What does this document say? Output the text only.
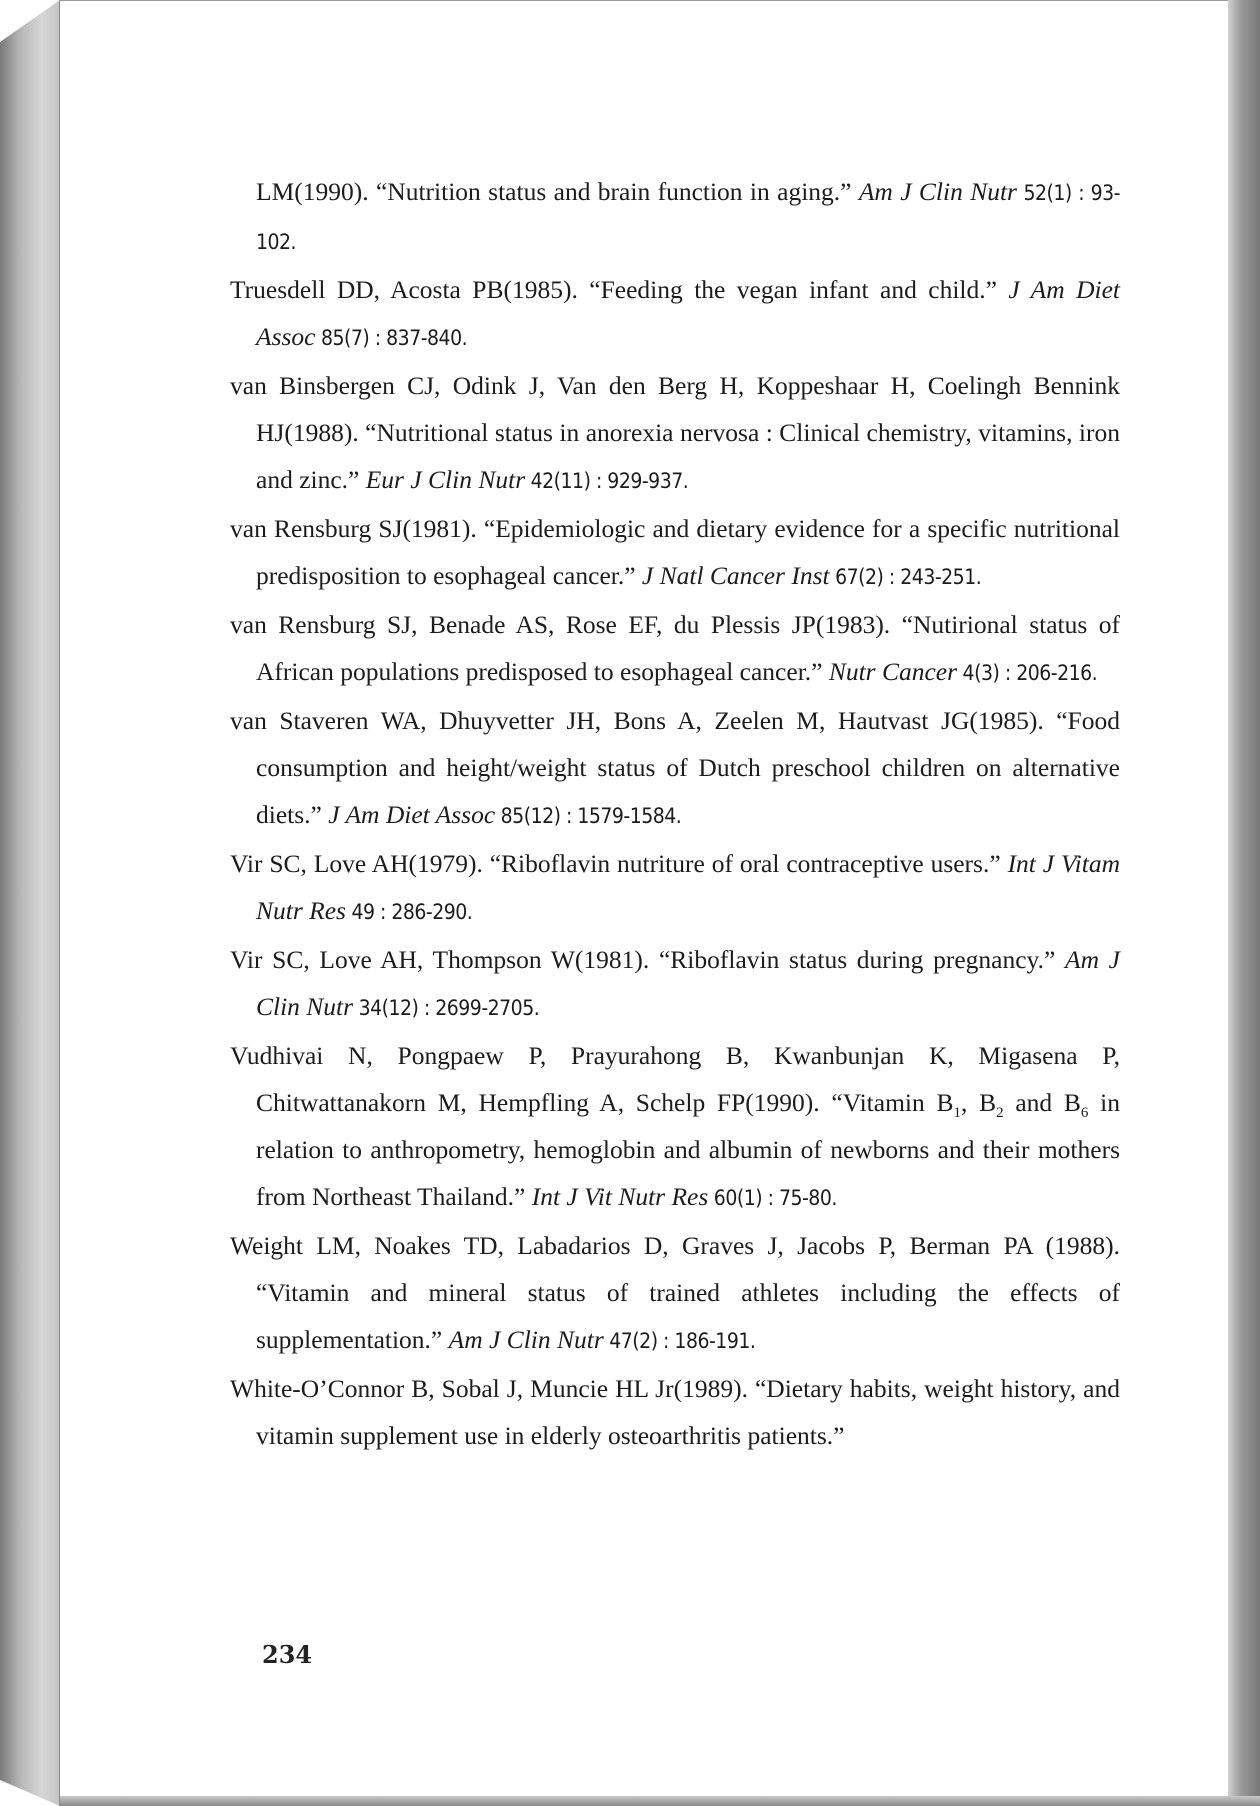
LM(1990). “Nutrition status and brain function in aging.” Am J Clin Nutr 52(1) : 93-102.

Truesdell DD, Acosta PB(1985). “Feeding the vegan infant and child.” J Am Diet Assoc 85(7) : 837-840.

van Binsbergen CJ, Odink J, Van den Berg H, Koppeshaar H, Coelingh Bennink HJ(1988). “Nutritional status in anorexia nervosa : Clinical chemistry, vitamins, iron and zinc.” Eur J Clin Nutr 42(11) : 929-937.

van Rensburg SJ(1981). “Epidemiologic and dietary evidence for a specific nutritional predisposition to esophageal cancer.” J Natl Cancer Inst 67(2) : 243-251.

van Rensburg SJ, Benade AS, Rose EF, du Plessis JP(1983). “Nutirional status of African populations predisposed to esophageal cancer.” Nutr Cancer 4(3) : 206-216.

van Staveren WA, Dhuyvetter JH, Bons A, Zeelen M, Hautvast JG(1985). “Food consumption and height/weight status of Dutch preschool children on alternative diets.” J Am Diet Assoc 85(12) : 1579-1584.

Vir SC, Love AH(1979). “Riboflavin nutriture of oral contraceptive users.” Int J Vitam Nutr Res 49 : 286-290.

Vir SC, Love AH, Thompson W(1981). “Riboflavin status during pregnancy.” Am J Clin Nutr 34(12) : 2699-2705.

Vudhivai N, Pongpaew P, Prayurahong B, Kwanbunjan K, Migasena P, Chitwattanakorn M, Hempfling A, Schelp FP(1990). “Vitamin $B_1$, $B_2$ and $B_6$ in relation to anthropometry, hemoglobin and albumin of newborns and their mothers from Northeast Thailand.” Int J Vit Nutr Res 60(1) : 75-80.

Weight LM, Noakes TD, Labadarios D, Graves J, Jacobs P, Berman PA (1988). “Vitamin and mineral status of trained athletes including the effects of supplementation.” Am J Clin Nutr 47(2) : 186-191.

White-O’Connor B, Sobal J, Muncie HL Jr(1989). “Dietary habits, weight history, and vitamin supplement use in elderly osteoarthritis patients.”

234
